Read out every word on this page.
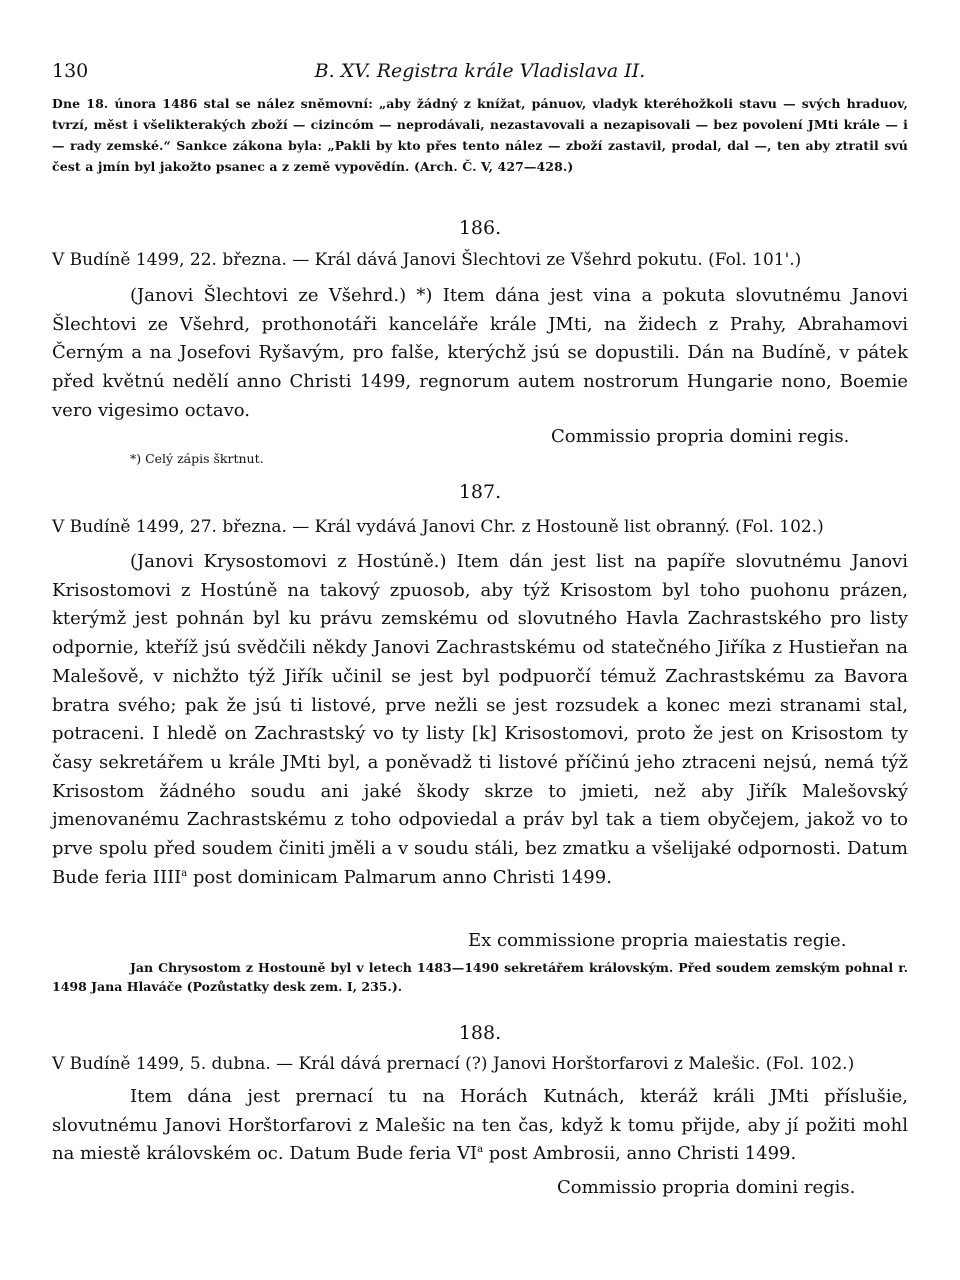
130	B. XV. Registra krále Vladislava II.
Dne 18. února 1486 stal se nález sněmovní: „aby žádný z knížat, pánuov, vladyk kteréhožkoli stavu — svých hraduov, tvrzí, měst i všelikterakých zboží — cizincóm — neprodávali, nezastavovali a nezapisovali — bez povolení JMti krále — i — rady zemské.“ Sankce zákona byla: „Pakli by kto přes tento nález — zboží zastavil, prodal, dal —, ten aby ztratil svú čest a jmín byl jakožto psanec a z země vypovědín. (Arch. Č. V, 427—428.)
186.
V Budíně 1499, 22. března. — Král dává Janovi Šlechtovi ze Všehrd pokutu. (Fol. 101'.)

(Janovi Šlechtovi ze Všehrd.) *) Item dána jest vina a pokuta slovutnému Janovi Šlechtovi ze Všehrd, prothonotáři kanceláře krále JMti, na židech z Prahy, Abrahamovi Černým a na Josefovi Ryšavým, pro falše, kterýchž jsú se dopustili. Dán na Budíně, v pátek před květnú nedělí anno Christi 1499, regnorum autem nostrorum Hungarie nono, Boemie vero vigesimo octavo.

Commissio propria domini regis.
*) Celý zápis škrtnut.
187.
V Budíně 1499, 27. března. — Král vydává Janovi Chr. z Hostouně list obranný. (Fol. 102.)

(Janovi Krysostomovi z Hostúně.) Item dán jest list na papíře slovutnému Janovi Krisostomovi z Hostúně na takový zpuosob, aby týž Krisostom byl toho puohonu prázen, kterýmž jest pohnán byl ku právu zemskému od slovutného Havla Zachrastského pro listy odpornie, kteříž jsú svědčili někdy Janovi Zachrastskému od statečného Jiříka z Hustieřan na Malešově, v nichžto týž Jiřík učinil se jest byl podpuorčí témuž Zachrastskému za Bavora bratra svého; pak že jsú ti listové, prve nežli se jest rozsudek a konec mezi stranami stal, potraceni. I hledě on Zachrastský vo ty listy [k] Krisostomovi, proto že jest on Krisostom ty časy sekretářem u krále JMti byl, a poněvadž ti listové příčinú jeho ztraceni nejsú, nemá týž Krisostom žádného soudu ani jaké škody skrze to jmieti, než aby Jiřík Malešovský jmenovanému Zachrastskému z toho odpoviedal a práv byl tak a tiem obyčejem, jakož vo to prve spolu před soudem činiti jměli a v soudu stáli, bez zmatku a všelijaké odpornosti. Datum Bude feria IIII$^a$ post dominicam Palmarum anno Christi 1499.

Ex commissione propria maiestatis regie.
Jan Chrysostom z Hostouně byl v letech 1483—1490 sekretářem královským. Před soudem zemským pohnal r. 1498 Jana Hlaváče (Pozůstatky desk zem. I, 235.).
188.
V Budíně 1499, 5. dubna. — Král dává prernací (?) Janovi Horštorfarovi z Malešic. (Fol. 102.)

Item dána jest prernací tu na Horách Kutnách, kteráž králi JMti příslušie, slovutnému Janovi Horštorfarovi z Malešic na ten čas, když k tomu přijde, aby jí požiti mohl na miestě královském oc. Datum Bude feria $VI^a$ post Ambrosii, anno Christi 1499.

Commissio propria domini regis.
